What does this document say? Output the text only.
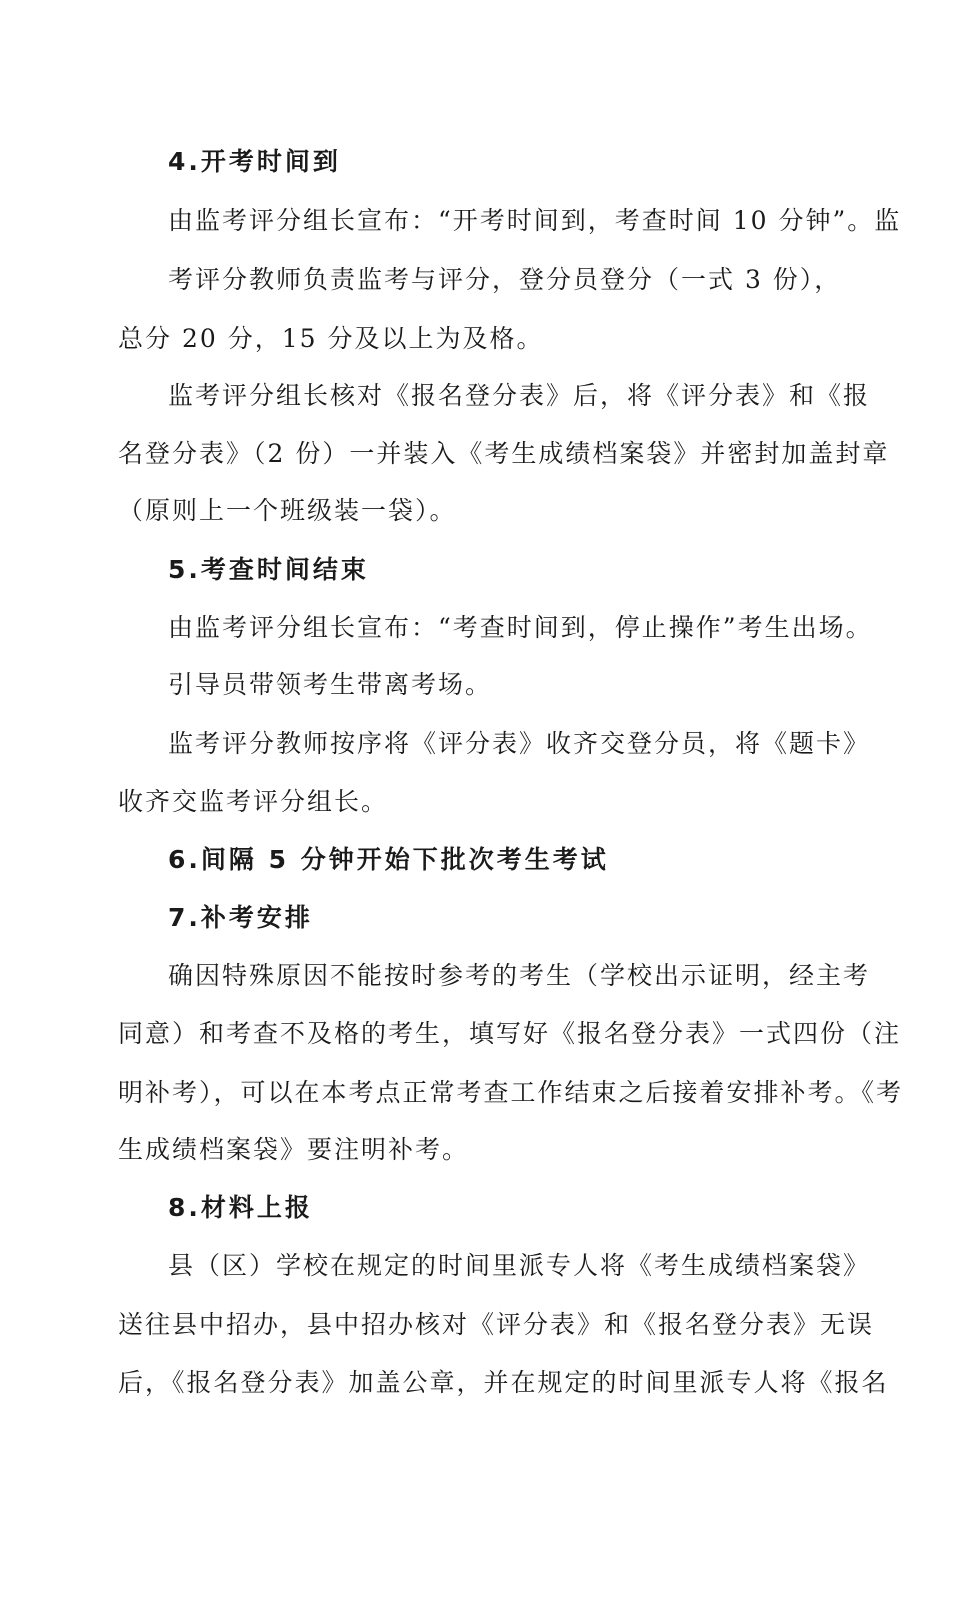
4.开考时间到
由监考评分组长宣布：“开考时间到，考查时间 10 分钟”。监
考评分教师负责监考与评分，登分员登分（一式 3 份），
总分 20 分，15 分及以上为及格。
监考评分组长核对《报名登分表》后，将《评分表》和《报
名登分表》（2 份）一并装入《考生成绩档案袋》并密封加盖封章
（原则上一个班级装一袋）。
5.考查时间结束
由监考评分组长宣布：“考查时间到，停止操作”考生出场。
引导员带领考生带离考场。
监考评分教师按序将《评分表》收齐交登分员，将《题卡》
收齐交监考评分组长。
6.间隔 5 分钟开始下批次考生考试
7.补考安排
确因特殊原因不能按时参考的考生（学校出示证明，经主考
同意）和考查不及格的考生，填写好《报名登分表》一式四份（注
明补考），可以在本考点正常考查工作结束之后接着安排补考。《考
生成绩档案袋》要注明补考。
8.材料上报
县（区）学校在规定的时间里派专人将《考生成绩档案袋》
送往县中招办，县中招办核对《评分表》和《报名登分表》无误
后，《报名登分表》加盖公章，并在规定的时间里派专人将《报名
